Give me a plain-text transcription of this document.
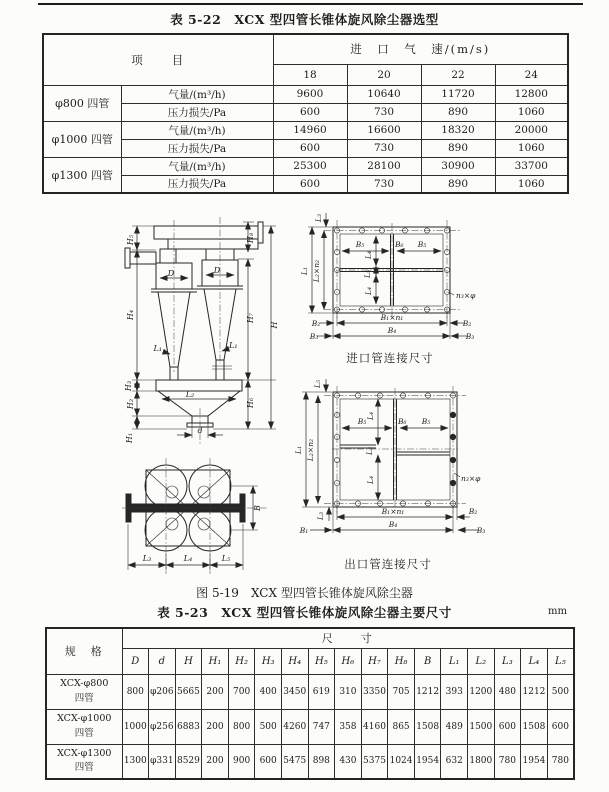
表 5-22　XCX 型四管长锥体旋风除尘器选型
项　　目		进　口　气　速/(m/s)			
		18	20	22	24
φ800 四管	气量/(m³/h)	9600	10640	11720	12800
	压力损失/Pa	600	730	890	1060
φ1000 四管	气量/(m³/h)	14960	16600	18320	20000
	压力损失/Pa	600	730	890	1060
φ1300 四管	气量/(m³/h)	25300	28100	30900	33700
	压力损失/Pa	600	730	890	1060
H₅
H₄
H₃
H₂
H₁
H₈
H₇
H₆
H
D	D
L₁	L₁
L₂
d
B
L₃	L₄	L₅
L₃
L₁ L₂×n₂
B₅	B₆ B₅
L₄
L₅
L₄	n₃×φ
B₂
B₁×n₁
B₂
B₃
B₄
B₃
进口管连接尺寸
L₅
L₁ L₂×n₂
B₅	B₆ B₅
L₄
L₅
L₄	n₃×φ
L₃	B₁×n₁	B₂
B₁
B₄
B₃
出口管连接尺寸
图 5-19　XCX 型四管长锥体旋风除尘器
表 5-23　XCX 型四管长锥体旋风除尘器主要尺寸	mm
规　格	尺　　寸																
	D	d	H	H₁	H₂	H₃	H₄	H₅	H₆	H₇	H₈	B	L₁	L₂	L₃	L₄	L₅

XCX-φ800
四管	800	φ206	5665	200	700	400	3450	619	310	3350	705	1212	393	1200	480	1212	500

XCX-φ1000
四管	1000	φ256	6883	200	800	500	4260	747	358	4160	865	1508	489	1500	600	1508	600

XCX-φ1300
四管	1300	φ331	8529	200	900	600	5475	898	430	5375	1024	1954	632	1800	780	1954	780
